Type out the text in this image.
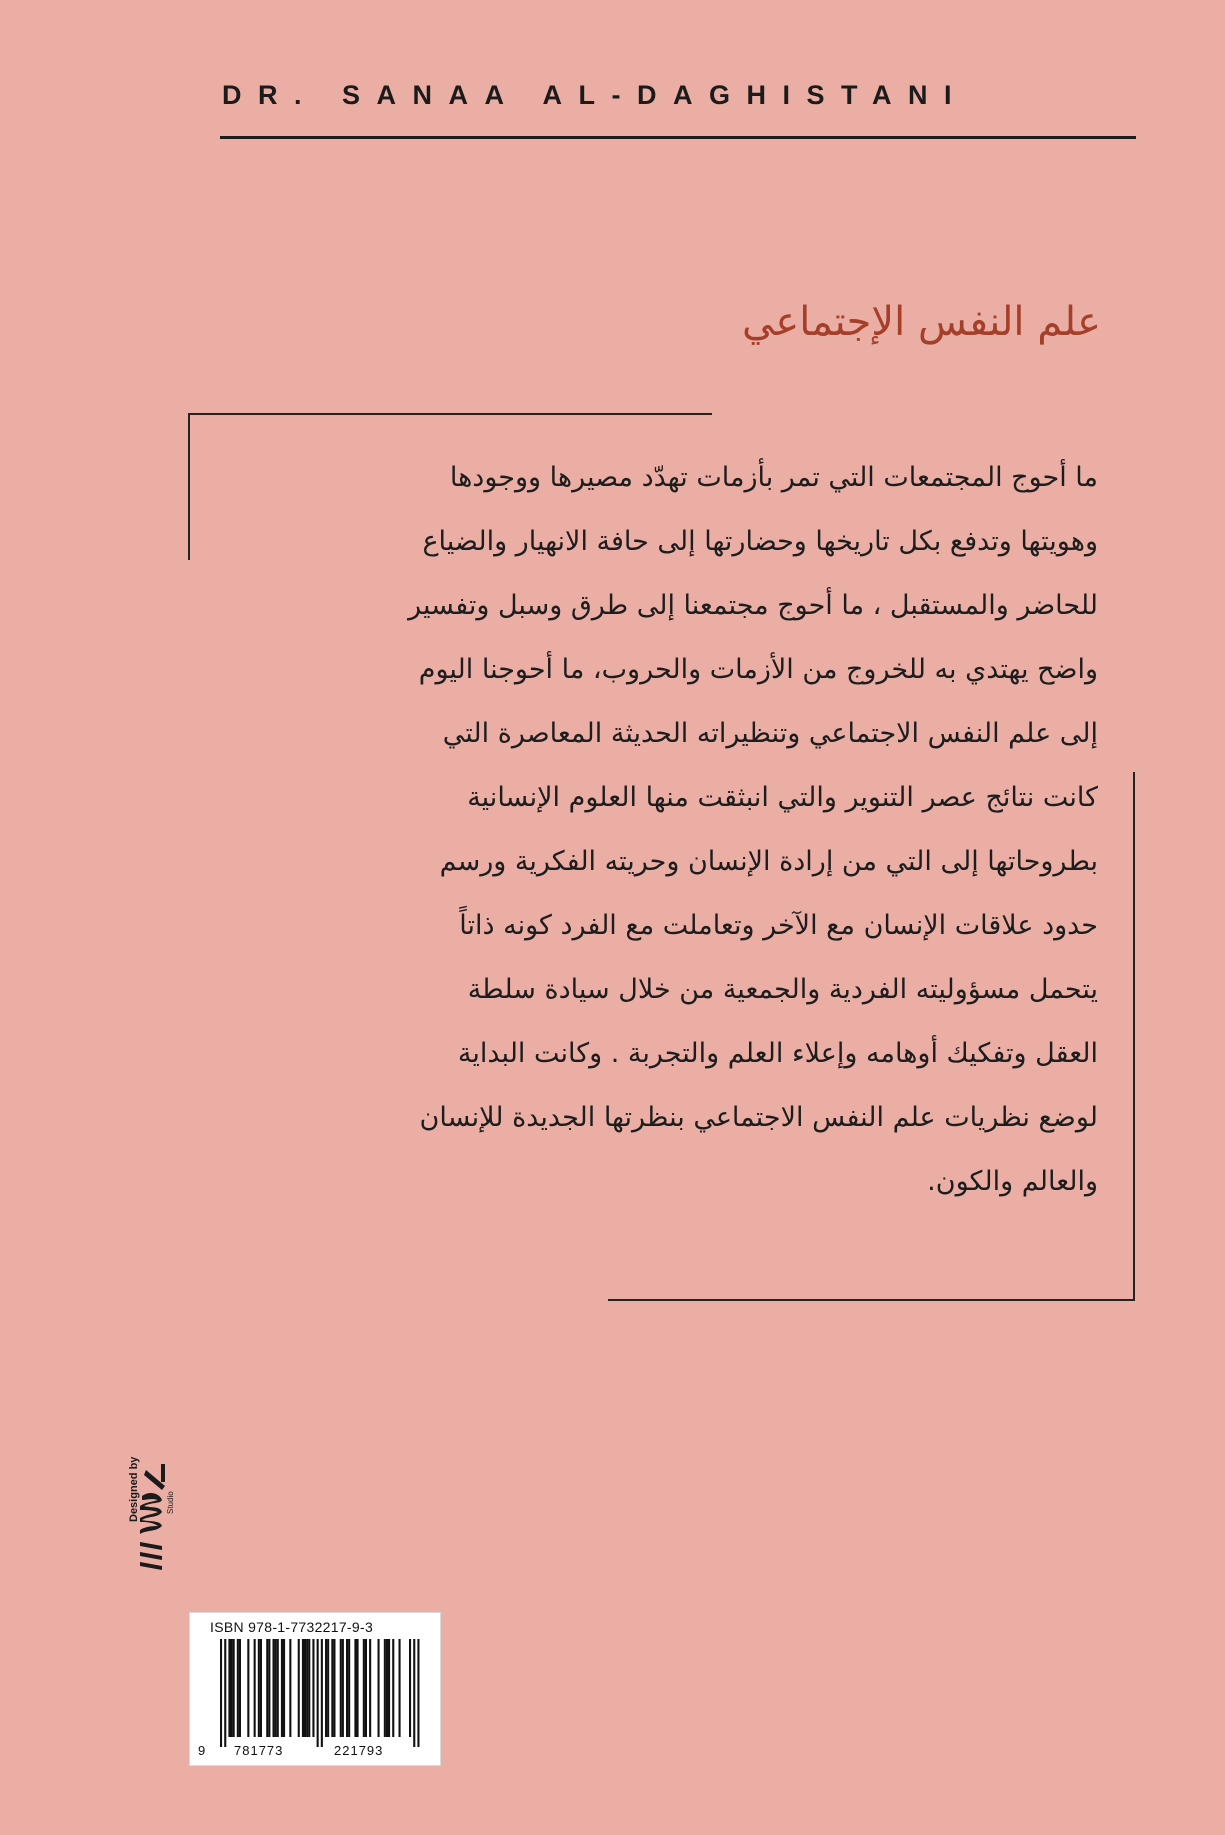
DR. SANAA AL-DAGHISTANI
علم النفس الإجتماعي

ما أحوج المجتمعات التي تمر بأزمات تهدّد مصيرها ووجودها
وهويتها وتدفع بكل تاريخها وحضارتها إلى حافة الانهيار والضياع
للحاضر والمستقبل ، ما أحوج مجتمعنا إلى طرق وسبل وتفسير
واضح يهتدي به للخروج من الأزمات والحروب، ما أحوجنا اليوم
إلى علم النفس الاجتماعي وتنظيراته الحديثة المعاصرة التي
كانت نتائج عصر التنوير والتي انبثقت منها العلوم الإنسانية
بطروحاتها إلى التي من إرادة الإنسان وحريته الفكرية ورسم
حدود علاقات الإنسان مع الآخر وتعاملت مع الفرد كونه ذاتاً
يتحمل مسؤوليته الفردية والجمعية من خلال سيادة سلطة
العقل وتفكيك أوهامه وإعلاء العلم والتجربة . وكانت البداية
لوضع نظريات علم النفس الاجتماعي بنظرتها الجديدة للإنسان
والعالم والكون.

Designed by	Studio
ISBN 978-1-7732217-9-3
9 781773	221793
